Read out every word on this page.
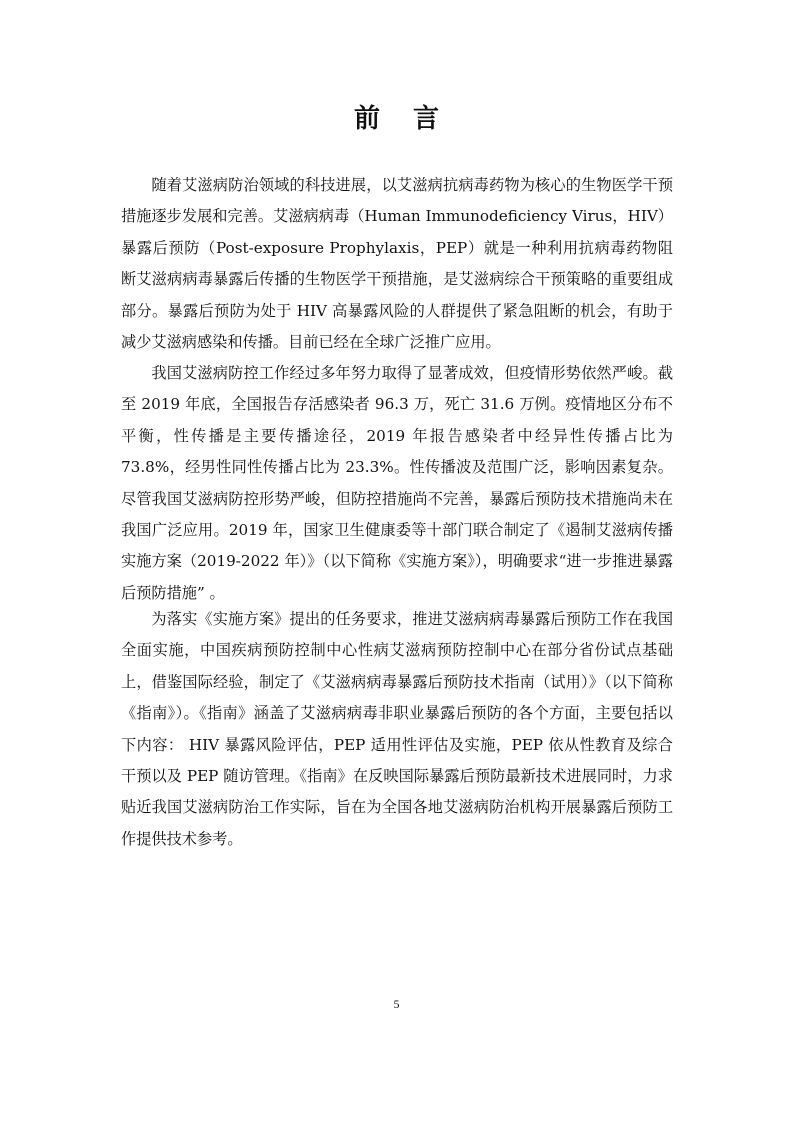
前 言

随着艾滋病防治领域的科技进展，以艾滋病抗病毒药物为核心的生物医学干预措施逐步发展和完善。艾滋病病毒（Human Immunodeficiency Virus，HIV）暴露后预防（Post-exposure Prophylaxis，PEP）就是一种利用抗病毒药物阻断艾滋病病毒暴露后传播的生物医学干预措施，是艾滋病综合干预策略的重要组成部分。暴露后预防为处于 HIV 高暴露风险的人群提供了紧急阻断的机会，有助于减少艾滋病感染和传播。目前已经在全球广泛推广应用。

我国艾滋病防控工作经过多年努力取得了显著成效，但疫情形势依然严峻。截至 2019 年底，全国报告存活感染者 96.3 万，死亡 31.6 万例。疫情地区分布不平衡，性传播是主要传播途径，2019 年报告感染者中经异性传播占比为 73.8%，经男性同性传播占比为 23.3%。性传播波及范围广泛，影响因素复杂。尽管我国艾滋病防控形势严峻，但防控措施尚不完善，暴露后预防技术措施尚未在我国广泛应用。2019 年，国家卫生健康委等十部门联合制定了《遏制艾滋病传播实施方案（2019-2022 年）》（以下简称《实施方案》），明确要求“进一步推进暴露后预防措施” 。

为落实《实施方案》提出的任务要求，推进艾滋病病毒暴露后预防工作在我国全面实施，中国疾病预防控制中心性病艾滋病预防控制中心在部分省份试点基础上，借鉴国际经验，制定了《艾滋病病毒暴露后预防技术指南（试用）》（以下简称《指南》）。《指南》涵盖了艾滋病病毒非职业暴露后预防的各个方面，主要包括以下内容： HIV 暴露风险评估，PEP 适用性评估及实施，PEP 依从性教育及综合干预以及 PEP 随访管理。《指南》在反映国际暴露后预防最新技术进展同时，力求贴近我国艾滋病防治工作实际，旨在为全国各地艾滋病防治机构开展暴露后预防工作提供技术参考。

5
